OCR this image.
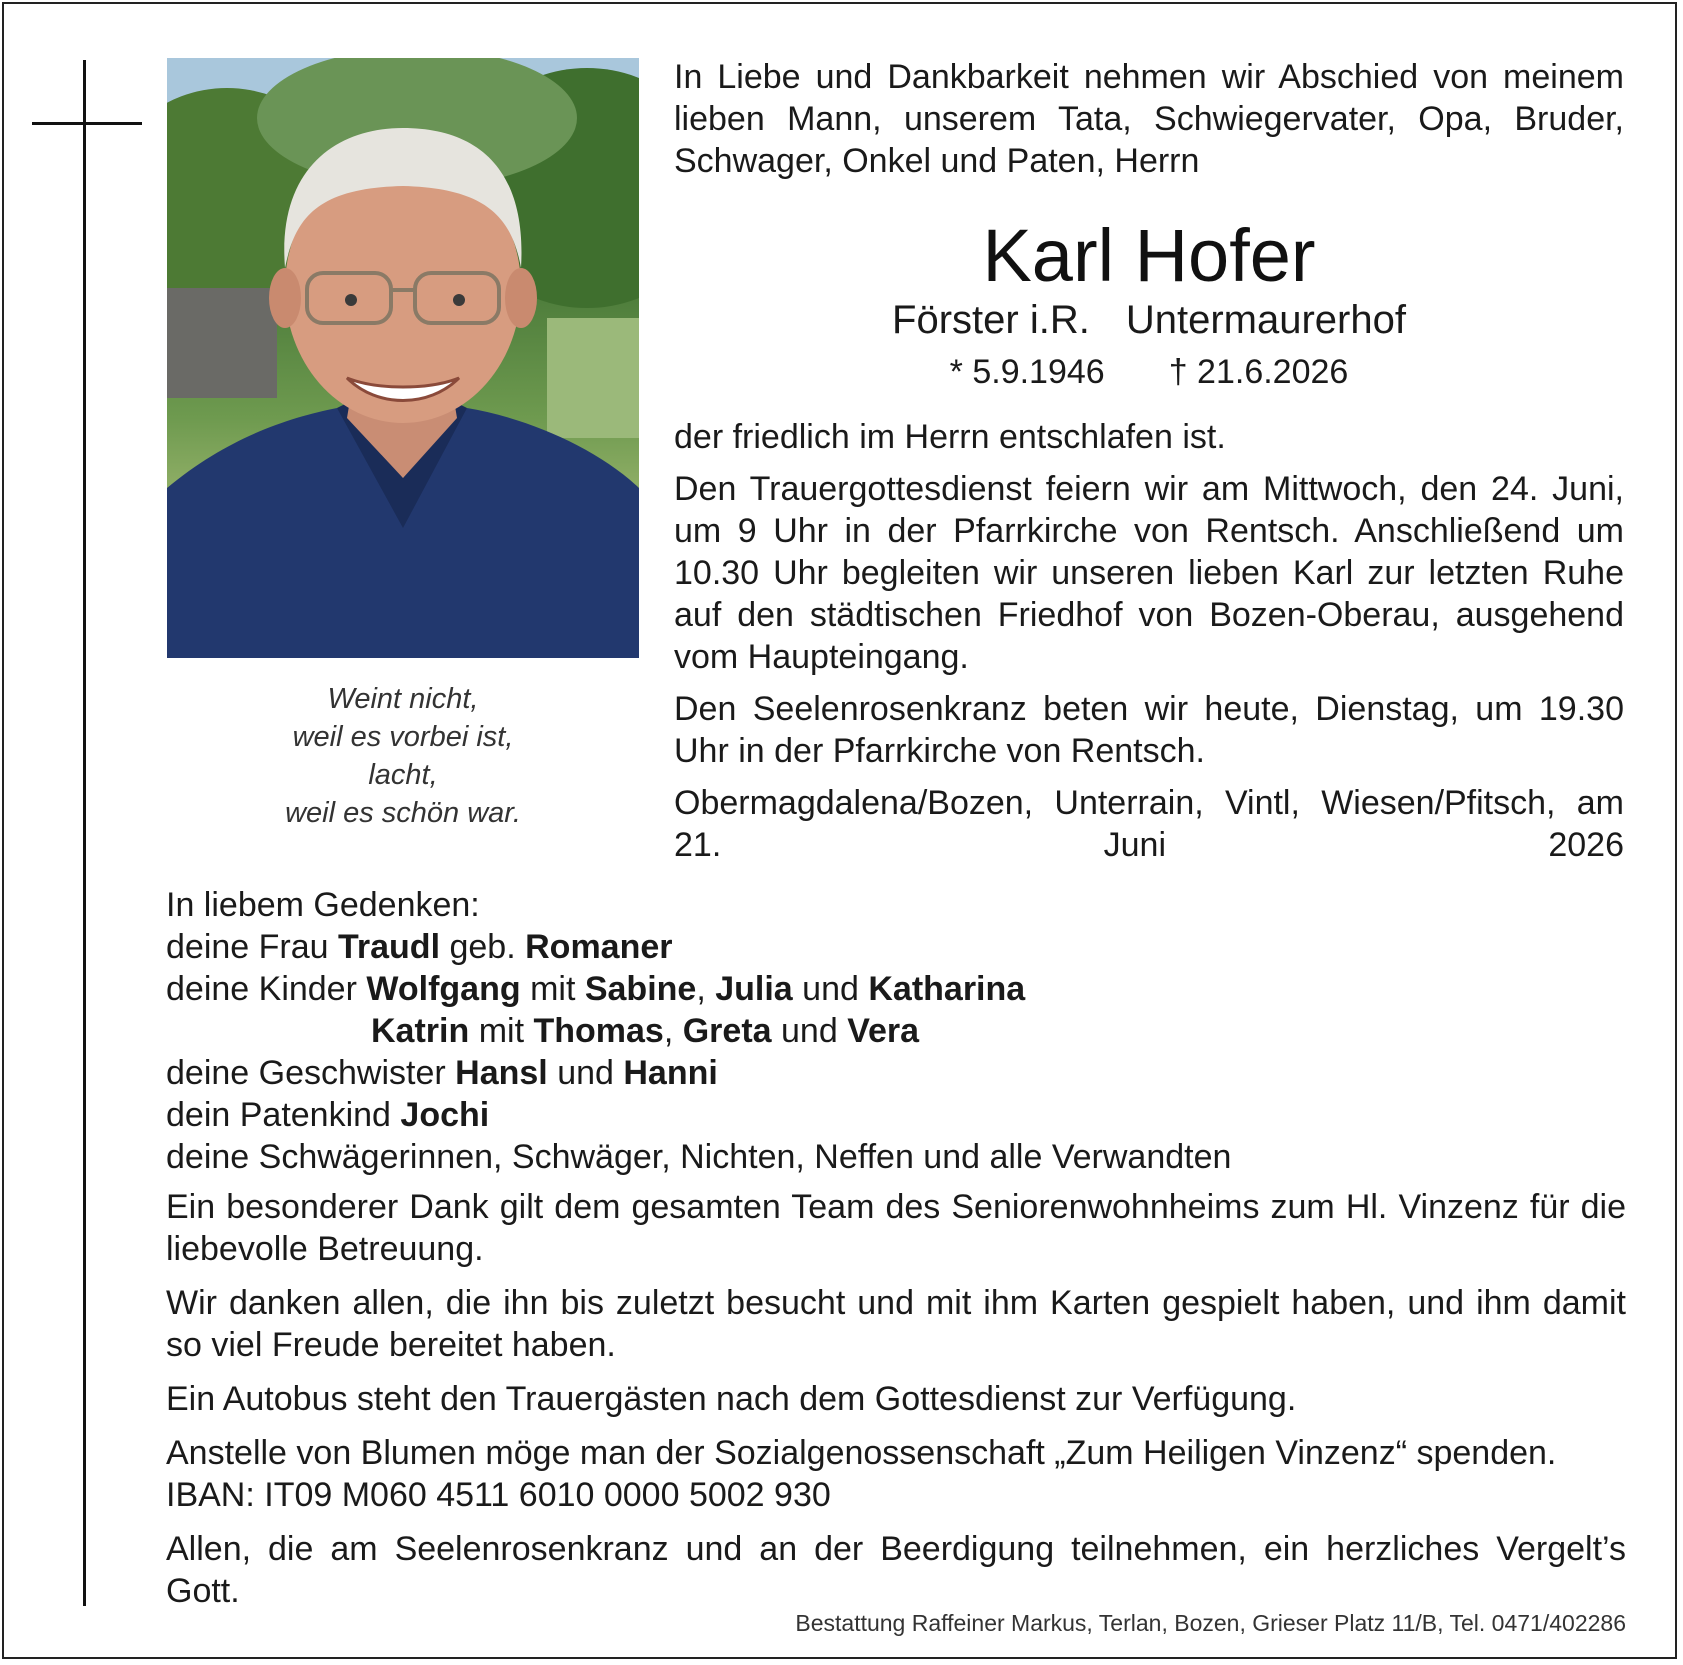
Weint nicht,
weil es vorbei ist,
lacht,
weil es schön war.
In Liebe und Dankbarkeit nehmen wir Abschied von meinem
lieben Mann, unserem Tata, Schwiegervater, Opa, Bruder,
Schwager, Onkel und Paten, Herrn
Karl Hofer
Förster i.R. Untermaurerhof
* 5.9.1946 † 21.6.2026

der friedlich im Herrn entschlafen ist.

Den Trauergottesdienst feiern wir am Mittwoch, den 24. Juni, um 9 Uhr in der Pfarrkirche von Rentsch. Anschließend um 10.30 Uhr begleiten wir unseren lieben Karl zur letzten Ruhe auf den städtischen Friedhof von Bozen-Oberau, ausgehend vom Haupteingang.

Den Seelenrosenkranz beten wir heute, Dienstag, um 19.30 Uhr in der Pfarrkirche von Rentsch.

Obermagdalena/Bozen, Unterrain, Vintl, Wiesen/Pfitsch, am 21. Juni 2026

In liebem Gedenken:
deine Frau Traudl geb. Romaner
deine Kinder Wolfgang mit Sabine, Julia und Katharina
Katrin mit Thomas, Greta und Vera
deine Geschwister Hansl und Hanni
dein Patenkind Jochi
deine Schwägerinnen, Schwäger, Nichten, Neffen und alle Verwandten

Ein besonderer Dank gilt dem gesamten Team des Seniorenwohnheims zum Hl. Vinzenz für die liebevolle Betreuung.

Wir danken allen, die ihn bis zuletzt besucht und mit ihm Karten gespielt haben, und ihm damit so viel Freude bereitet haben.

Ein Autobus steht den Trauergästen nach dem Gottesdienst zur Verfügung.

Anstelle von Blumen möge man der Sozialgenossenschaft „Zum Heiligen Vinzenz“ spenden.
IBAN: IT09 M060 4511 6010 0000 5002 930

Allen, die am Seelenrosenkranz und an der Beerdigung teilnehmen, ein herzliches Vergelt’s Gott.

Bestattung Raffeiner Markus, Terlan, Bozen, Grieser Platz 11/B, Tel. 0471/402286
